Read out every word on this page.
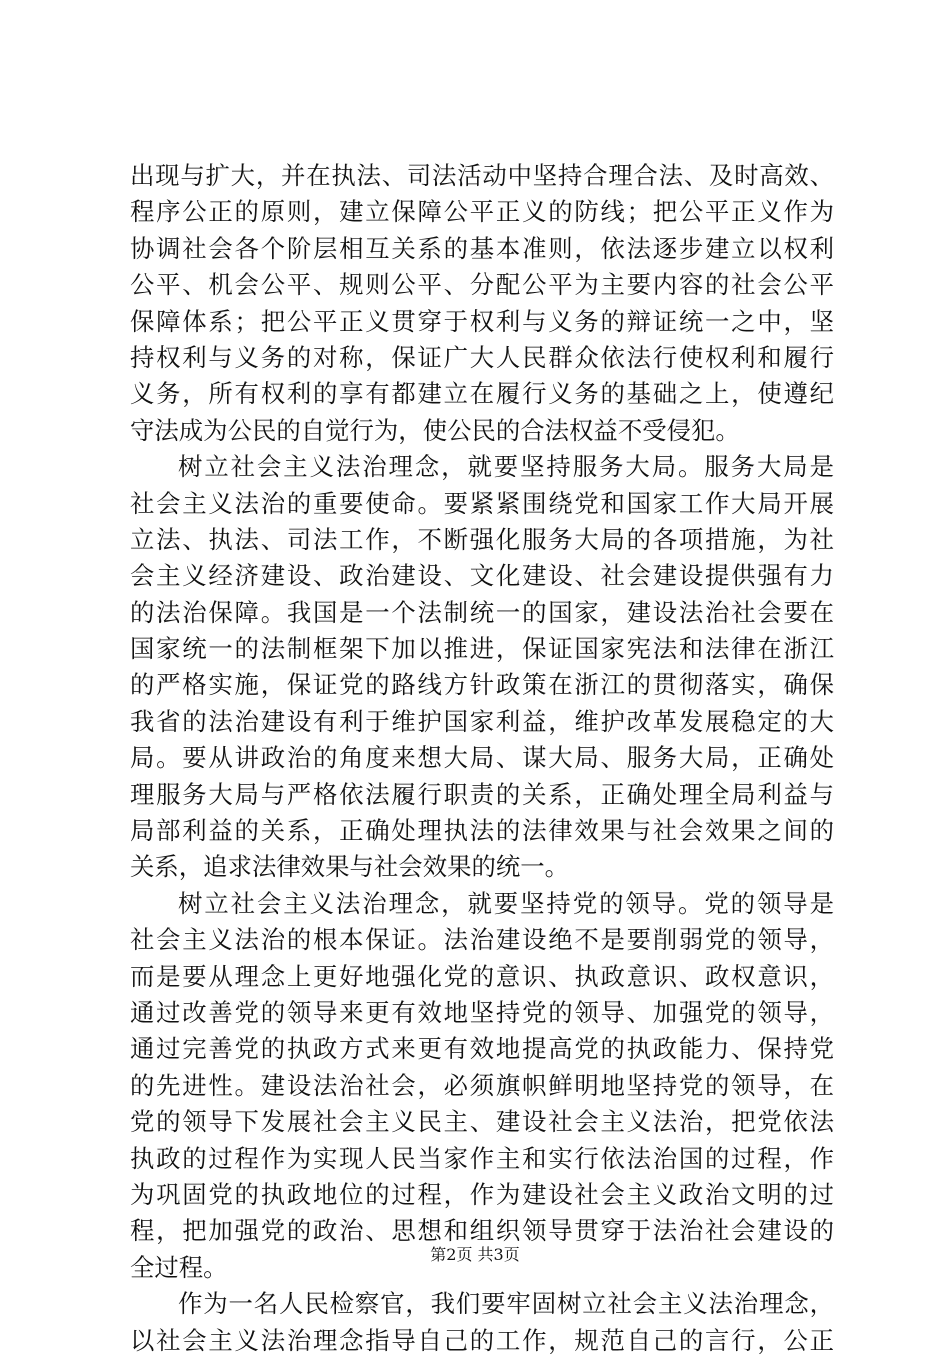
出现与扩大，并在执法、司法活动中坚持合理合法、及时高效、
程序公正的原则，建立保障公平正义的防线；把公平正义作为
协调社会各个阶层相互关系的基本准则，依法逐步建立以权利
公平、机会公平、规则公平、分配公平为主要内容的社会公平
保障体系；把公平正义贯穿于权利与义务的辩证统一之中，坚
持权利与义务的对称，保证广大人民群众依法行使权利和履行
义务，所有权利的享有都建立在履行义务的基础之上，使遵纪
守法成为公民的自觉行为，使公民的合法权益不受侵犯。
树立社会主义法治理念，就要坚持服务大局。服务大局是
社会主义法治的重要使命。要紧紧围绕党和国家工作大局开展
立法、执法、司法工作，不断强化服务大局的各项措施，为社
会主义经济建设、政治建设、文化建设、社会建设提供强有力
的法治保障。我国是一个法制统一的国家，建设法治社会要在
国家统一的法制框架下加以推进，保证国家宪法和法律在浙江
的严格实施，保证党的路线方针政策在浙江的贯彻落实，确保
我省的法治建设有利于维护国家利益，维护改革发展稳定的大
局。要从讲政治的角度来想大局、谋大局、服务大局，正确处
理服务大局与严格依法履行职责的关系，正确处理全局利益与
局部利益的关系，正确处理执法的法律效果与社会效果之间的
关系，追求法律效果与社会效果的统一。
树立社会主义法治理念，就要坚持党的领导。党的领导是
社会主义法治的根本保证。法治建设绝不是要削弱党的领导，
而是要从理念上更好地强化党的意识、执政意识、政权意识，
通过改善党的领导来更有效地坚持党的领导、加强党的领导，
通过完善党的执政方式来更有效地提高党的执政能力、保持党
的先进性。建设法治社会，必须旗帜鲜明地坚持党的领导，在
党的领导下发展社会主义民主、建设社会主义法治，把党依法
执政的过程作为实现人民当家作主和实行依法治国的过程，作
为巩固党的执政地位的过程，作为建设社会主义政治文明的过
程，把加强党的政治、思想和组织领导贯穿于法治社会建设的
全过程。
作为一名人民检察官，我们要牢固树立社会主义法治理念，
以社会主义法治理念指导自己的工作，规范自己的言行，公正
第2页 共3页
